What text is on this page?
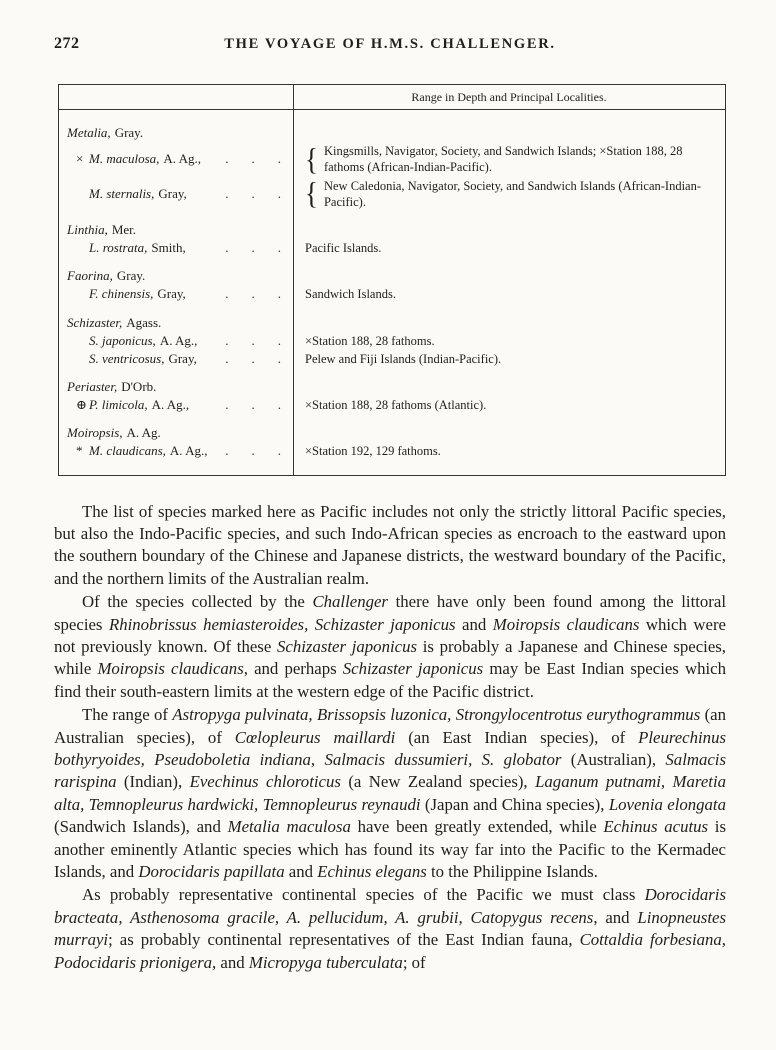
272	THE VOYAGE OF H.M.S. CHALLENGER.
Range in Depth and Principal Localities.
Metalia, Gray.
× M. maculosa, A. Ag., .    .    . { Kingsmills, Navigator, Society, and Sandwich Islands; ×Station 188, 28 fathoms (African-Indian-Pacific).
M. sternalis, Gray,	.    .    . { New Caledonia, Navigator, Society, and Sandwich Islands (African-Indian-Pacific).
Linthia, Mer.
L. rostrata, Smith,	.    .    . Pacific Islands.
Faorina, Gray.
F. chinensis, Gray,	.    .    . Sandwich Islands.
Schizaster, Agass.
S. japonicus, A. Ag., .    .    . ×Station 188, 28 fathoms.
S. ventricosus, Gray, .    .    . Pelew and Fiji Islands (Indian-Pacific).
Periaster, D'Orb.
⊕ P. limicola, A. Ag.,	.    .    . ×Station 188, 28 fathoms (Atlantic).
Moiropsis, A. Ag.
* M. claudicans, A. Ag., .    .    . ×Station 192, 129 fathoms.

The list of species marked here as Pacific includes not only the strictly littoral Pacific species, but also the Indo-Pacific species, and such Indo-African species as encroach to the eastward upon the southern boundary of the Chinese and Japanese districts, the westward boundary of the Pacific, and the northern limits of the Australian realm.

Of the species collected by the Challenger there have only been found among the littoral species Rhinobrissus hemiasteroides, Schizaster japonicus and Moiropsis claudicans which were not previously known. Of these Schizaster japonicus is probably a Japanese and Chinese species, while Moiropsis claudicans, and perhaps Schizaster japonicus may be East Indian species which find their south-eastern limits at the western edge of the Pacific district.

The range of Astropyga pulvinata, Brissopsis luzonica, Strongylocentrotus eurythogrammus (an Australian species), of Cœlopleurus maillardi (an East Indian species), of Pleurechinus bothyryoides, Pseudoboletia indiana, Salmacis dussumieri, S. globator (Australian), Salmacis rarispina (Indian), Evechinus chloroticus (a New Zealand species), Laganum putnami, Maretia alta, Temnopleurus hardwicki, Temnopleurus reynaudi (Japan and China species), Lovenia elongata (Sandwich Islands), and Metalia maculosa have been greatly extended, while Echinus acutus is another eminently Atlantic species which has found its way far into the Pacific to the Kermadec Islands, and Dorocidaris papillata and Echinus elegans to the Philippine Islands.

As probably representative continental species of the Pacific we must class Dorocidaris bracteata, Asthenosoma gracile, A. pellucidum, A. grubii, Catopygus recens, and Linopneustes murrayi; as probably continental representatives of the East Indian fauna, Cottaldia forbesiana, Podocidaris prionigera, and Micropyga tuberculata; of
